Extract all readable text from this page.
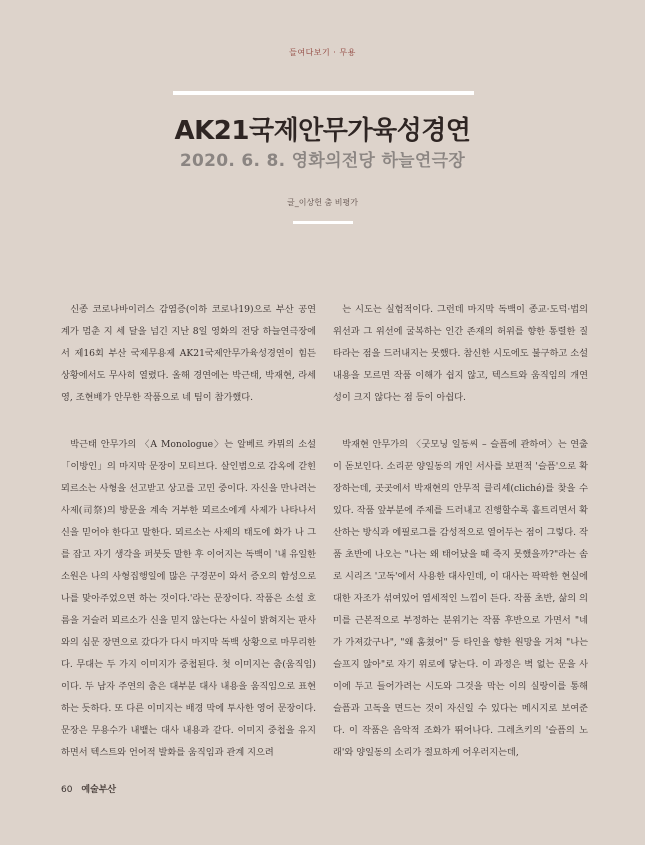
들여다보기 · 무용
AK21국제안무가육성경연
2020. 6. 8. 영화의전당 하늘연극장
글_이상헌 춤 비평가

신종 코로나바이러스 감염증(이하 코로나19)으로 부산 공연계가 멈춘 지 세 달을 넘긴 지난 8일 영화의 전당 하늘연극장에서 제16회 부산 국제무용제 AK21국제안무가육성경연이 힘든 상황에서도 무사히 열렸다. 올해 경연에는 박근태, 박재현, 라세영, 조현배가 안무한 작품으로 네 팀이 참가했다.

박근태 안무가의 〈A Monologue〉는 알베르 카뮈의 소설 「이방인」의 마지막 문장이 모티브다. 살인범으로 감옥에 갇힌 뫼르소는 사형을 선고받고 상고를 고민 중이다. 자신을 만나려는 사제(司祭)의 방문을 계속 거부한 뫼르소에게 사제가 나타나서 신을 믿어야 한다고 말한다. 뫼르소는 사제의 태도에 화가 나 그를 잡고 자기 생각을 퍼붓듯 말한 후 이어지는 독백이 '내 유일한 소원은 나의 사형집행일에 많은 구경꾼이 와서 증오의 함성으로 나를 맞아주었으면 하는 것이다.'라는 문장이다. 작품은 소설 흐름을 거슬러 뫼르소가 신을 믿지 않는다는 사실이 밝혀지는 판사와의 심문 장면으로 갔다가 다시 마지막 독백 상황으로 마무리한다. 무대는 두 가지 이미지가 중첩된다. 첫 이미지는 춤(움직임)이다. 두 남자 주연의 춤은 대부분 대사 내용을 움직임으로 표현하는 듯하다. 또 다른 이미지는 배경 막에 투사한 영어 문장이다. 문장은 무용수가 내뱉는 대사 내용과 같다. 이미지 중첩을 유지하면서 텍스트와 언어적 발화를 움직임과 관계 지으려

는 시도는 실험적이다. 그런데 마지막 독백이 종교·도덕·법의 위선과 그 위선에 굴복하는 인간 존재의 허위를 향한 통렬한 질타라는 점을 드러내지는 못했다. 참신한 시도에도 불구하고 소설 내용을 모르면 작품 이해가 쉽지 않고, 텍스트와 움직임의 개연성이 크지 않다는 점 등이 아쉽다.

박재현 안무가의 〈굿모닝 일동씨 – 슬픔에 관하여〉는 연출이 돋보인다. 소리꾼 양일동의 개인 서사를 보편적 '슬픔'으로 확장하는데, 곳곳에서 박재현의 안무적 클리셰(cliché)를 찾을 수 있다. 작품 앞부분에 주제를 드러내고 진행할수록 흩트리면서 확산하는 방식과 에필로그를 감성적으로 열어두는 점이 그렇다. 작품 초반에 나오는 "나는 왜 태어났을 때 죽지 못했을까?"라는 솜로 시리즈 '고독'에서 사용한 대사인데, 이 대사는 팍팍한 현실에 대한 자조가 섞여있어 염세적인 느낌이 든다. 작품 초반, 삶의 의미를 근본적으로 부정하는 분위기는 작품 후반으로 가면서 "네가 가져갔구나", "왜 훔쳤어" 등 타인을 향한 원망을 거쳐 "나는 슬프지 않아"로 자기 위로에 닿는다. 이 과정은 벽 없는 문을 사이에 두고 들어가려는 시도와 그것을 막는 이의 실랑이를 통해 슬픔과 고독을 면드는 것이 자신일 수 있다는 메시지로 보여준다. 이 작품은 음악적 조화가 뛰어나다. 그레츠키의 '슬픔의 노래'와 양일동의 소리가 절묘하게 어우러지는데,

60 예술부산
